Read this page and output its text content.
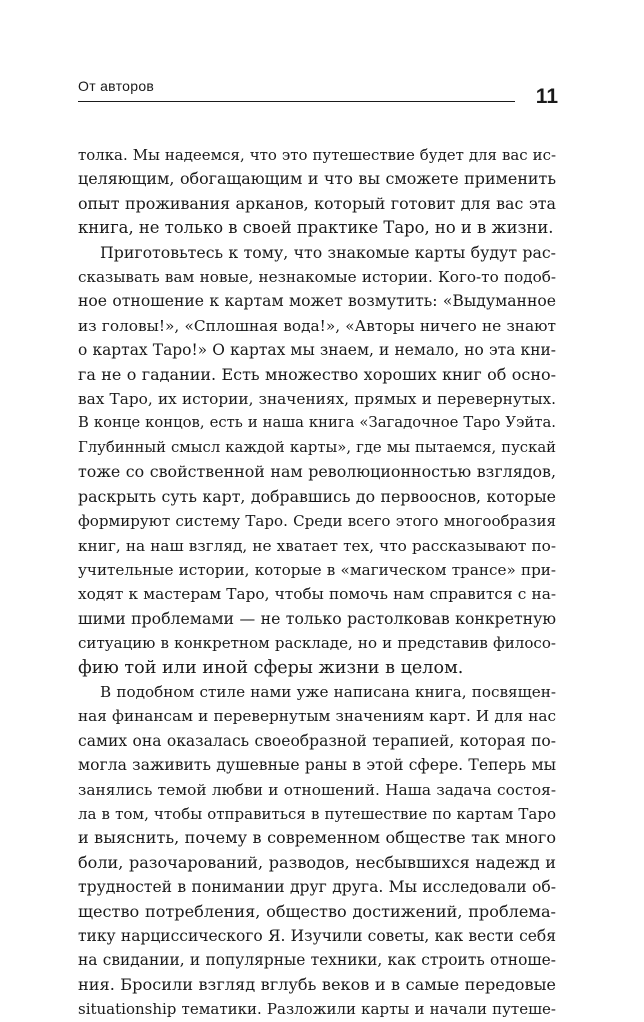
От авторов	11
толка. Мы надеемся, что это путешествие будет для вас ис-
целяющим, обогащающим и что вы сможете применить
опыт проживания арканов, который готовит для вас эта
книга, не только в своей практике Таро, но и в жизни.
Приготовьтесь к тому, что знакомые карты будут рас-
сказывать вам новые, незнакомые истории. Кого-то подоб-
ное отношение к картам может возмутить: «Выдуманное
из головы!», «Сплошная вода!», «Авторы ничего не знают
о картах Таро!» О картах мы знаем, и немало, но эта кни-
га не о гадании. Есть множество хороших книг об осно-
вах Таро, их истории, значениях, прямых и перевернутых.
В конце концов, есть и наша книга «Загадочное Таро Уэйта.
Глубинный смысл каждой карты», где мы пытаемся, пускай
тоже со свойственной нам революционностью взглядов,
раскрыть суть карт, добравшись до первооснов, которые
формируют систему Таро. Среди всего этого многообразия
книг, на наш взгляд, не хватает тех, что рассказывают по-
учительные истории, которые в «магическом трансе» при-
ходят к мастерам Таро, чтобы помочь нам справится с на-
шими проблемами — не только растолковав конкретную
ситуацию в конкретном раскладе, но и представив филосо-
фию той или иной сферы жизни в целом.
В подобном стиле нами уже написана книга, посвящен-
ная финансам и перевернутым значениям карт. И для нас
самих она оказалась своеобразной терапией, которая по-
могла заживить душевные раны в этой сфере. Теперь мы
занялись темой любви и отношений. Наша задача состоя-
ла в том, чтобы отправиться в путешествие по картам Таро
и выяснить, почему в современном обществе так много
боли, разочарований, разводов, несбывшихся надежд и
трудностей в понимании друг друга. Мы исследовали об-
щество потребления, общество достижений, проблема-
тику нарциссического Я. Изучили советы, как вести себя
на свидании, и популярные техники, как строить отноше-
ния. Бросили взгляд вглубь веков и в самые передовые
situationship тематики. Разложили карты и начали путеше-
